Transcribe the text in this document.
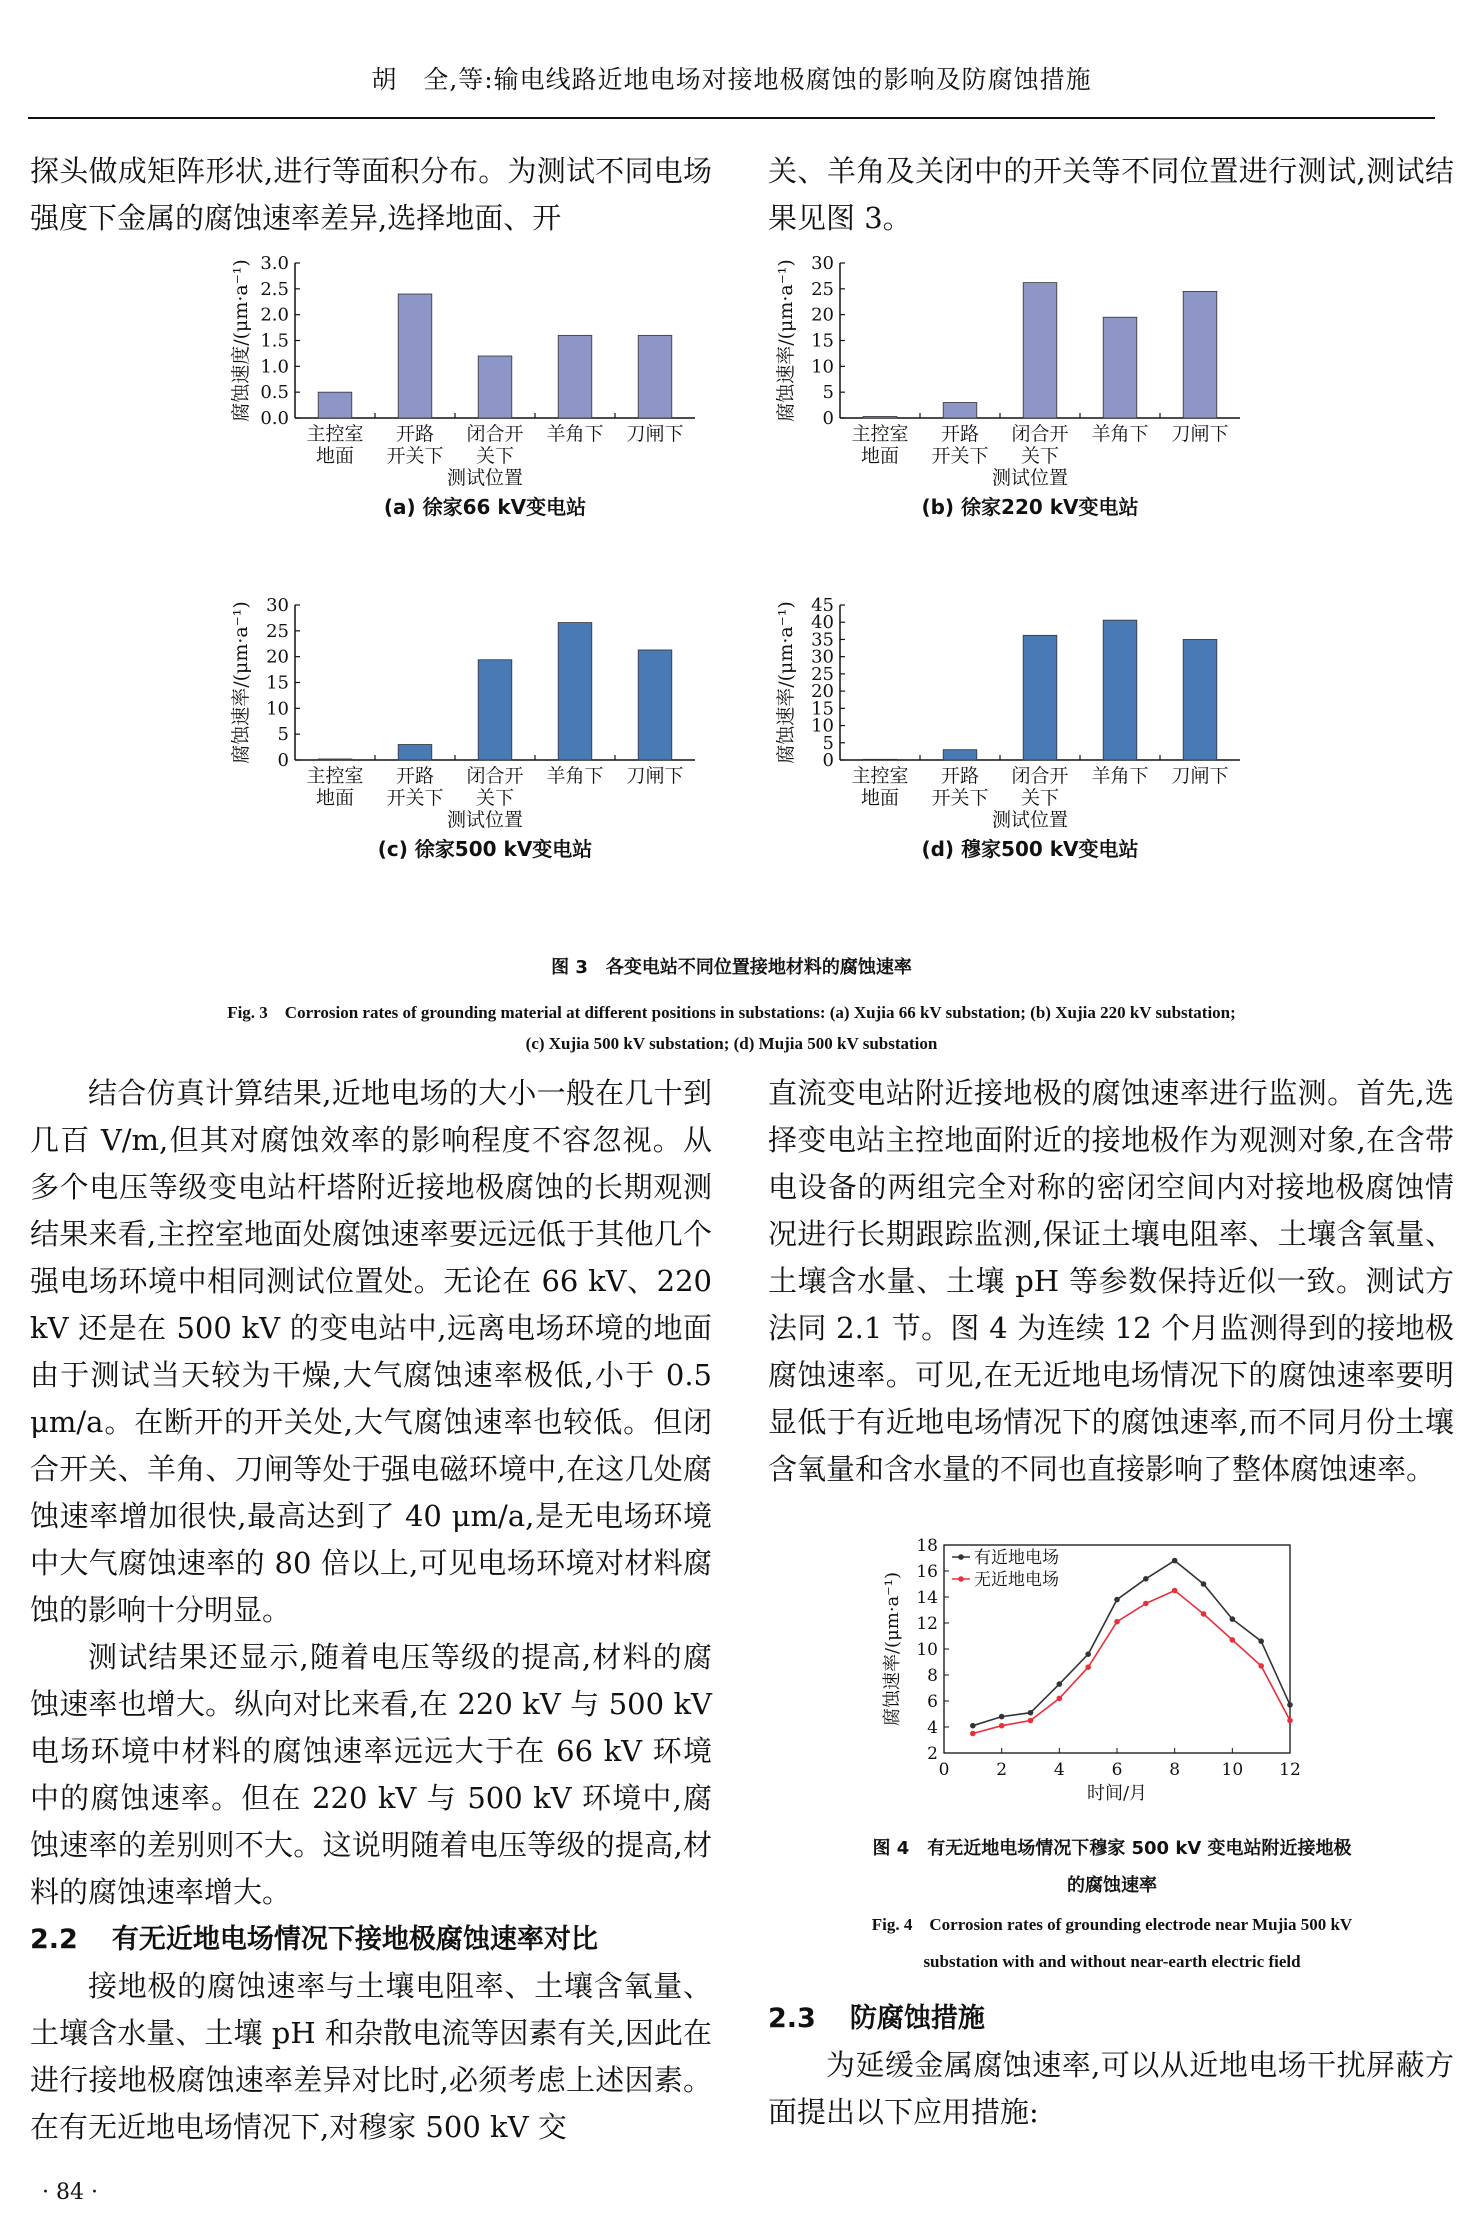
胡　全,等:输电线路近地电场对接地极腐蚀的影响及防腐蚀措施

探头做成矩阵形状,进行等面积分布。为测试不同电场强度下金属的腐蚀速率差异,选择地面、开

关、羊角及关闭中的开关等不同位置进行测试,测试结果见图 3。

0.0
0.5
1.0
1.5
2.0
2.5
3.0
主控室
地面
开路
开关下
闭合开
关下
羊角下 刀闸下
测试位置
腐蚀速度/(μm·a⁻¹)
(a) 徐家66 kV变电站
0
5
10
15
20
25
30
主控室
地面
开路
开关下
闭合开
关下
羊角下 刀闸下
测试位置
腐蚀速率/(μm·a⁻¹)
(b) 徐家220 kV变电站
0
5
10
15
20
25
30
主控室
地面
开路
开关下
闭合开
关下
羊角下 刀闸下
测试位置
腐蚀速率/(μm·a⁻¹)
(c) 徐家500 kV变电站
0
5
10
15
20
25
30
35
40
45
主控室
地面
开路
开关下
闭合开
关下
羊角下 刀闸下
测试位置
腐蚀速率/(μm·a⁻¹)
(d) 穆家500 kV变电站
图 3　各变电站不同位置接地材料的腐蚀速率
Fig. 3　Corrosion rates of grounding material at different positions in substations: (a) Xujia 66 kV substation; (b) Xujia 220 kV substation;
(c) Xujia 500 kV substation; (d) Mujia 500 kV substation

结合仿真计算结果,近地电场的大小一般在几十到几百 V/m,但其对腐蚀效率的影响程度不容忽视。从多个电压等级变电站杆塔附近接地极腐蚀的长期观测结果来看,主控室地面处腐蚀速率要远远低于其他几个强电场环境中相同测试位置处。无论在 66 kV、220 kV 还是在 500 kV 的变电站中,远离电场环境的地面由于测试当天较为干燥,大气腐蚀速率极低,小于 0.5 μm/a。在断开的开关处,大气腐蚀速率也较低。但闭合开关、羊角、刀闸等处于强电磁环境中,在这几处腐蚀速率增加很快,最高达到了 40 μm/a,是无电场环境中大气腐蚀速率的 80 倍以上,可见电场环境对材料腐蚀的影响十分明显。

测试结果还显示,随着电压等级的提高,材料的腐蚀速率也增大。纵向对比来看,在 220 kV 与 500 kV 电场环境中材料的腐蚀速率远远大于在 66 kV 环境中的腐蚀速率。但在 220 kV 与 500 kV 环境中,腐蚀速率的差别则不大。这说明随着电压等级的提高,材料的腐蚀速率增大。

2.2 有无近地电场情况下接地极腐蚀速率对比

接地极的腐蚀速率与土壤电阻率、土壤含氧量、土壤含水量、土壤 pH 和杂散电流等因素有关,因此在进行接地极腐蚀速率差异对比时,必须考虑上述因素。在有无近地电场情况下,对穆家 500 kV 交

直流变电站附近接地极的腐蚀速率进行监测。首先,选择变电站主控地面附近的接地极作为观测对象,在含带电设备的两组完全对称的密闭空间内对接地极腐蚀情况进行长期跟踪监测,保证土壤电阻率、土壤含氧量、土壤含水量、土壤 pH 等参数保持近似一致。测试方法同 2.1 节。图 4 为连续 12 个月监测得到的接地极腐蚀速率。可见,在无近地电场情况下的腐蚀速率要明显低于有近地电场情况下的腐蚀速率,而不同月份土壤含氧量和含水量的不同也直接影响了整体腐蚀速率。

2
4
6
8
10
12
14
16
18
0	2	4	6	8 10 12
有近地电场
无近地电场
时间/月
腐蚀速率/(μm·a⁻¹)
图 4　有无近地电场情况下穆家 500 kV 变电站附近接地极
的腐蚀速率
Fig. 4　Corrosion rates of grounding electrode near Mujia 500 kV
substation with and without near-earth electric field
2.3 防腐蚀措施

为延缓金属腐蚀速率,可以从近地电场干扰屏蔽方面提出以下应用措施:

· 84 ·
